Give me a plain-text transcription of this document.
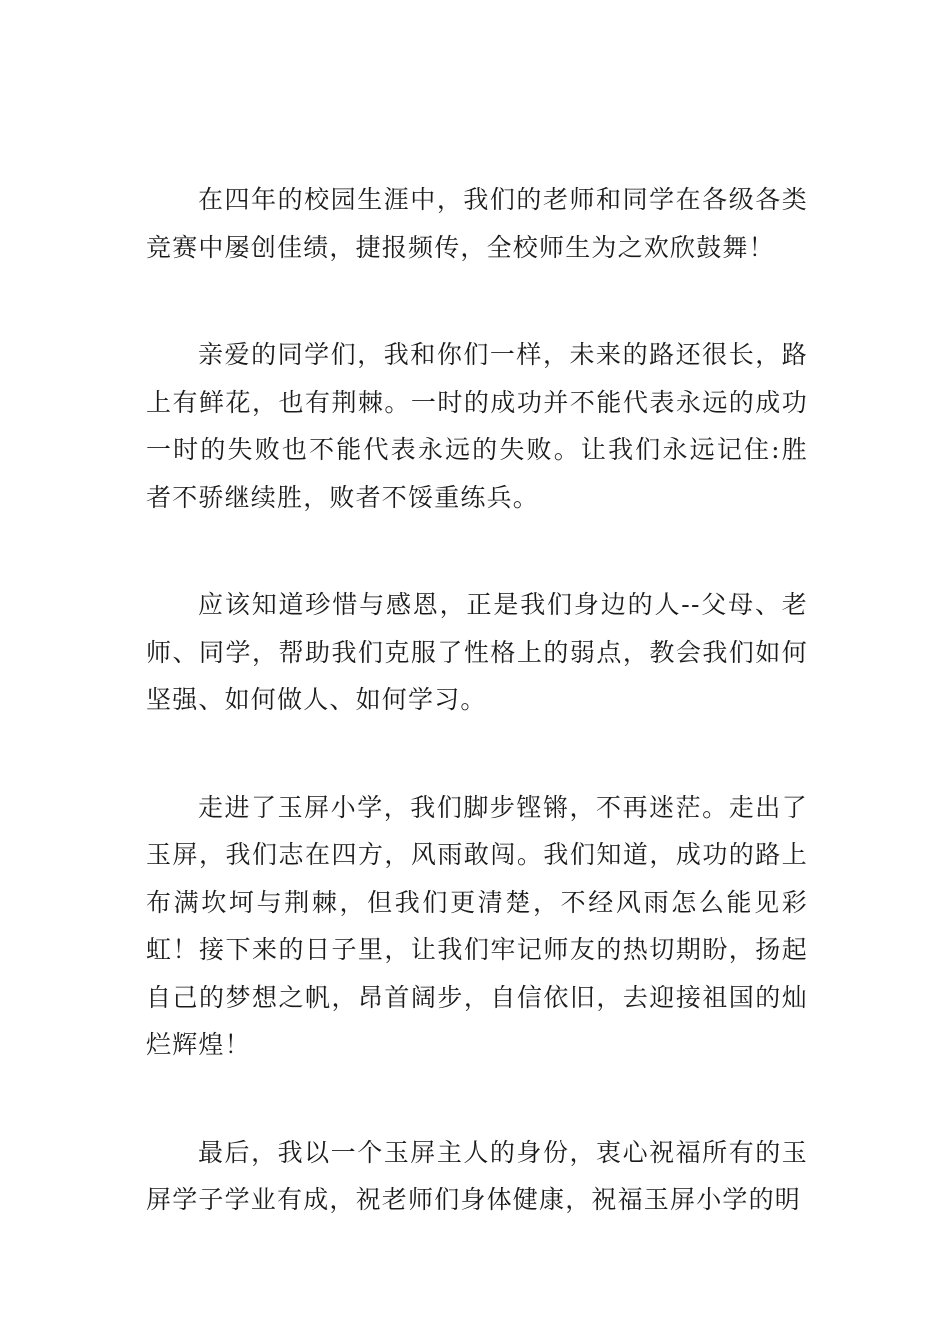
在四年的校园生涯中，我们的老师和同学在各级各类竞赛中屡创佳绩，捷报频传，全校师生为之欢欣鼓舞！

亲爱的同学们，我和你们一样，未来的路还很长，路上有鲜花，也有荆棘。一时的成功并不能代表永远的成功一时的失败也不能代表永远的失败。让我们永远记住:胜者不骄继续胜，败者不馁重练兵。

应该知道珍惜与感恩，正是我们身边的人--父母、老师、同学，帮助我们克服了性格上的弱点，教会我们如何坚强、如何做人、如何学习。

走进了玉屏小学，我们脚步铿锵，不再迷茫。走出了玉屏，我们志在四方，风雨敢闯。我们知道，成功的路上布满坎坷与荆棘，但我们更清楚，不经风雨怎么能见彩虹！接下来的日子里，让我们牢记师友的热切期盼，扬起自己的梦想之帆，昂首阔步，自信依旧，去迎接祖国的灿烂辉煌！

最后，我以一个玉屏主人的身份，衷心祝福所有的玉屏学子学业有成，祝老师们身体健康，祝福玉屏小学的明
